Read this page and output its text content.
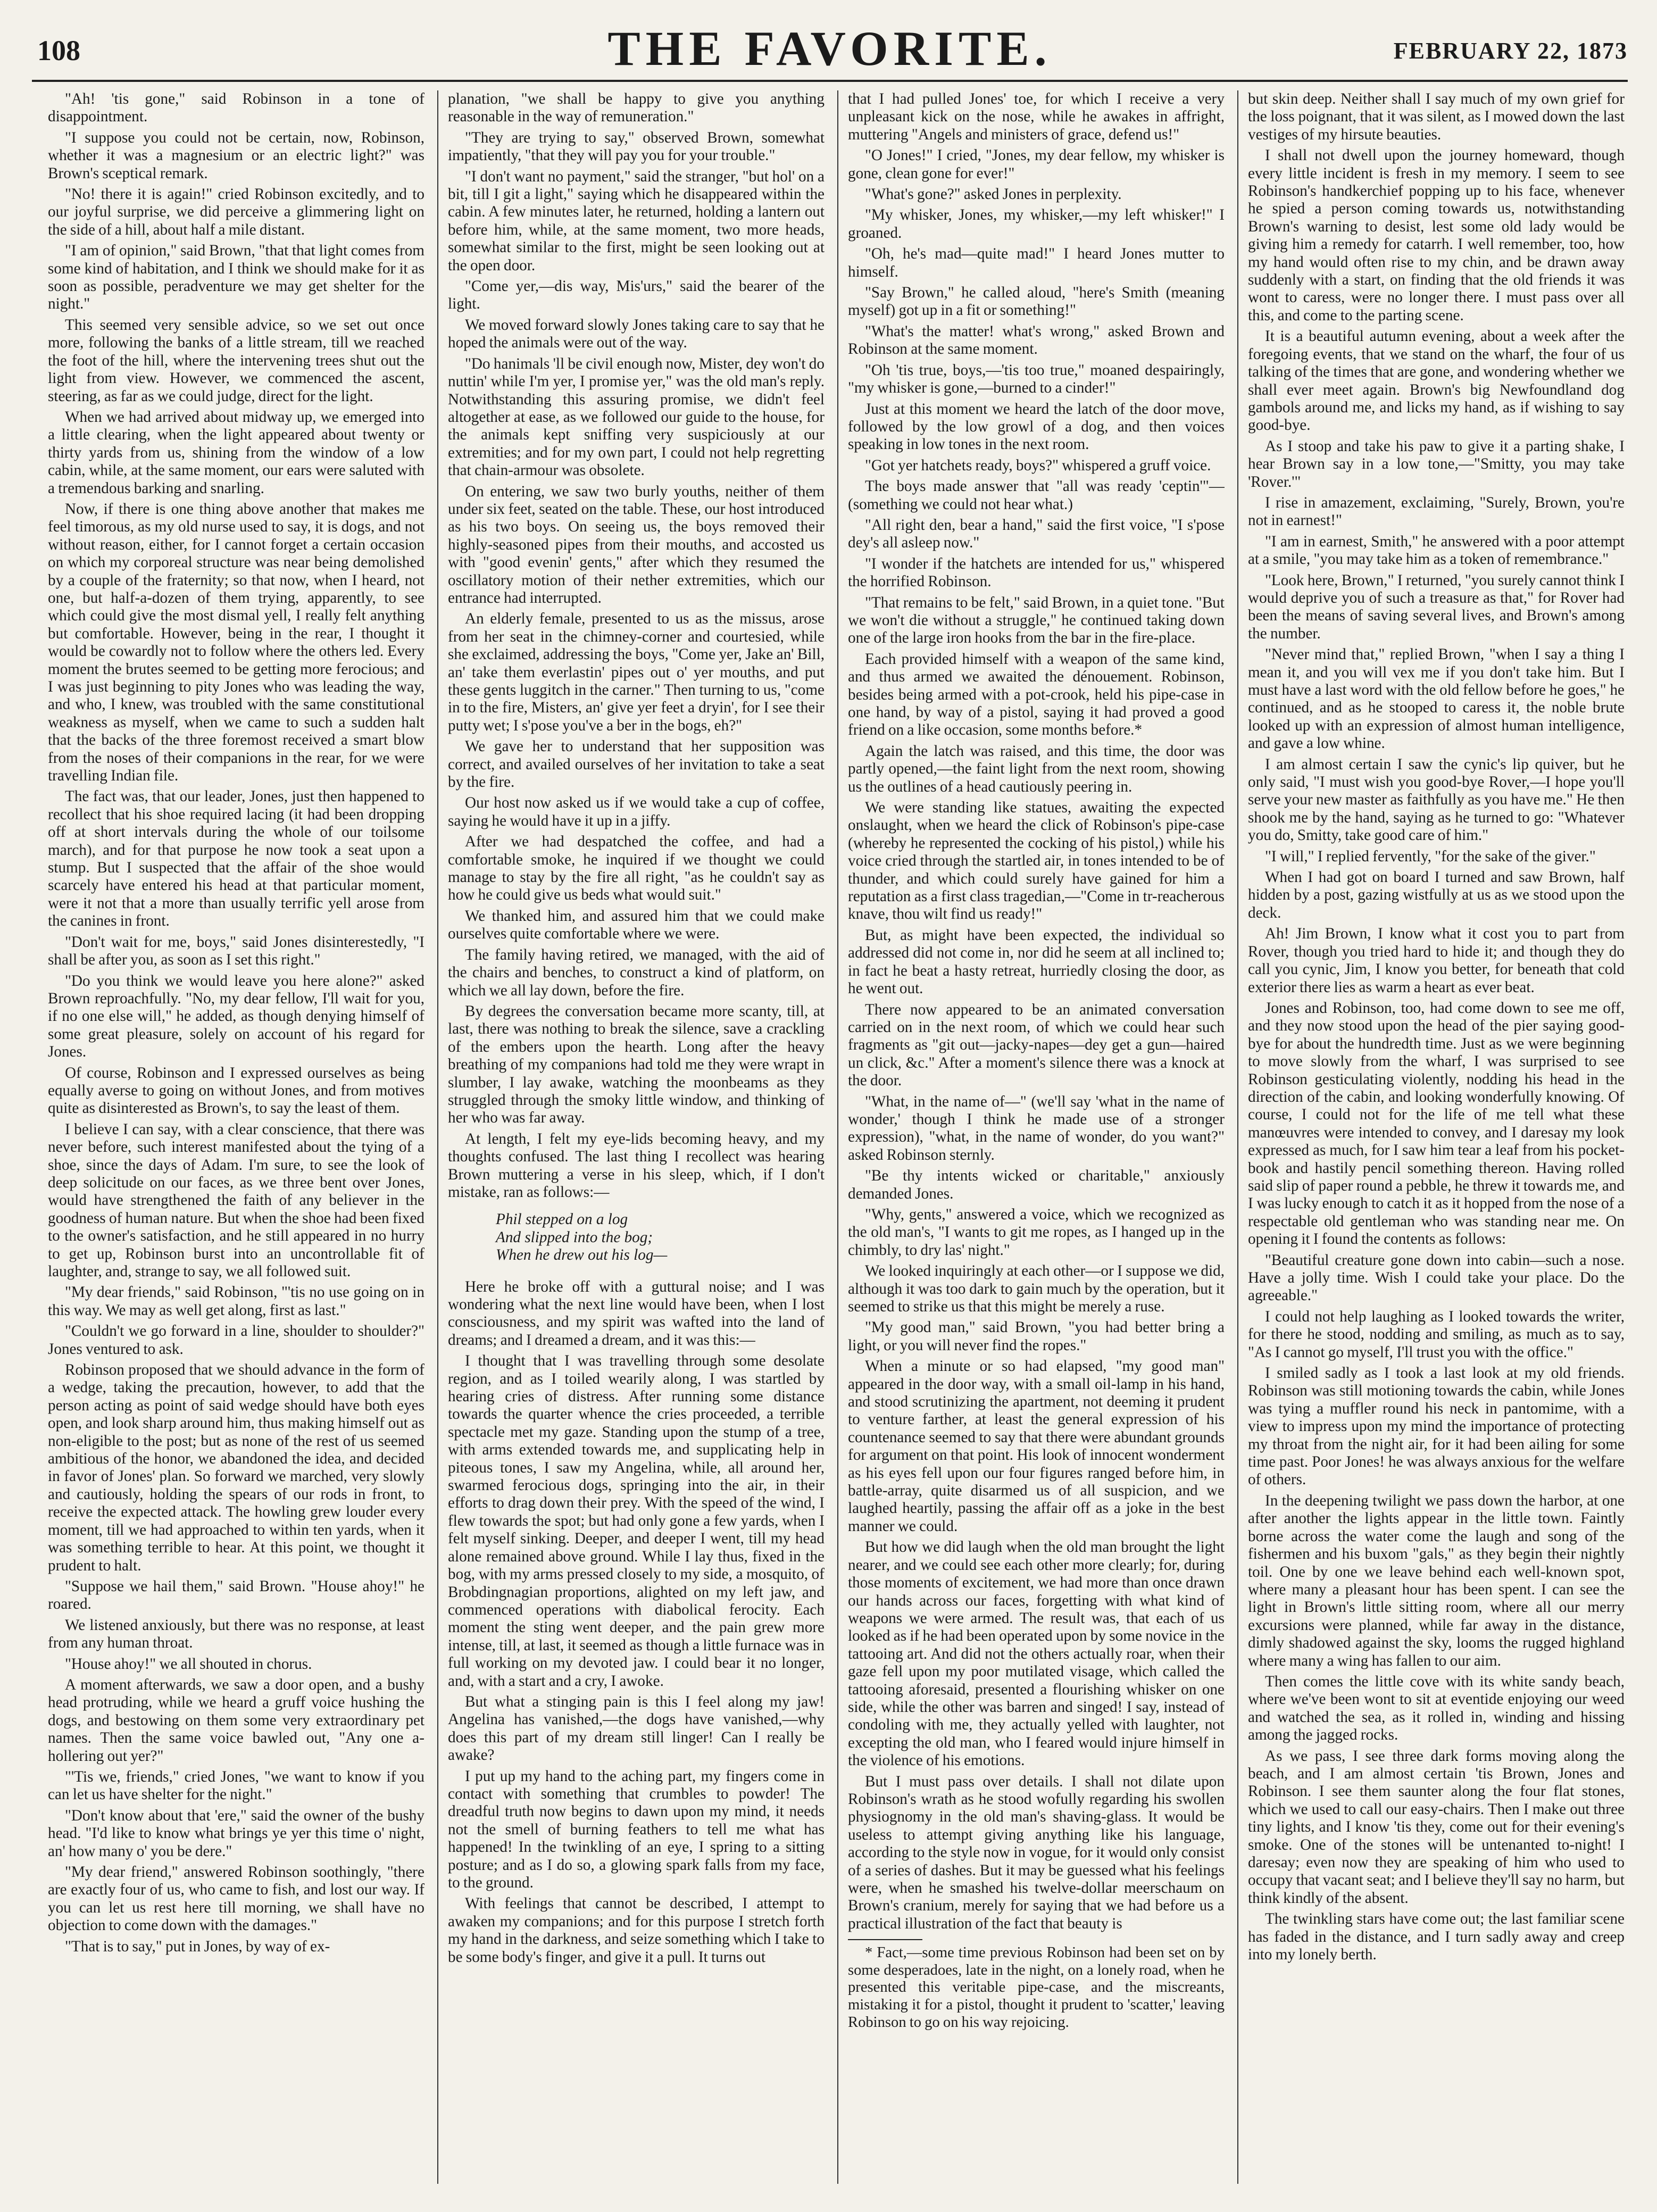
108	THE FAVORITE.	FEBRUARY 22, 1873

"Ah! 'tis gone," said Robinson in a tone of disappointment.

"I suppose you could not be certain, now, Robinson, whether it was a magnesium or an electric light?" was Brown's sceptical remark.

"No! there it is again!" cried Robinson excitedly, and to our joyful surprise, we did perceive a glimmering light on the side of a hill, about half a mile distant.

"I am of opinion," said Brown, "that that light comes from some kind of habitation, and I think we should make for it as soon as possible, peradventure we may get shelter for the night."

This seemed very sensible advice, so we set out once more, following the banks of a little stream, till we reached the foot of the hill, where the intervening trees shut out the light from view. However, we commenced the ascent, steering, as far as we could judge, direct for the light.

When we had arrived about midway up, we emerged into a little clearing, when the light appeared about twenty or thirty yards from us, shining from the window of a low cabin, while, at the same moment, our ears were saluted with a tremendous barking and snarling.

Now, if there is one thing above another that makes me feel timorous, as my old nurse used to say, it is dogs, and not without reason, either, for I cannot forget a certain occasion on which my corporeal structure was near being demolished by a couple of the fraternity; so that now, when I heard, not one, but half-a-dozen of them trying, apparently, to see which could give the most dismal yell, I really felt anything but comfortable. However, being in the rear, I thought it would be cowardly not to follow where the others led. Every moment the brutes seemed to be getting more ferocious; and I was just beginning to pity Jones who was leading the way, and who, I knew, was troubled with the same constitutional weakness as myself, when we came to such a sudden halt that the backs of the three foremost received a smart blow from the noses of their companions in the rear, for we were travelling Indian file.

The fact was, that our leader, Jones, just then happened to recollect that his shoe required lacing (it had been dropping off at short intervals during the whole of our toilsome march), and for that purpose he now took a seat upon a stump. But I suspected that the affair of the shoe would scarcely have entered his head at that particular moment, were it not that a more than usually terrific yell arose from the canines in front.

"Don't wait for me, boys," said Jones disinterestedly, "I shall be after you, as soon as I set this right."

"Do you think we would leave you here alone?" asked Brown reproachfully. "No, my dear fellow, I'll wait for you, if no one else will," he added, as though denying himself of some great pleasure, solely on account of his regard for Jones.

Of course, Robinson and I expressed ourselves as being equally averse to going on without Jones, and from motives quite as disinterested as Brown's, to say the least of them.

I believe I can say, with a clear conscience, that there was never before, such interest manifested about the tying of a shoe, since the days of Adam. I'm sure, to see the look of deep solicitude on our faces, as we three bent over Jones, would have strengthened the faith of any believer in the goodness of human nature. But when the shoe had been fixed to the owner's satisfaction, and he still appeared in no hurry to get up, Robinson burst into an uncontrollable fit of laughter, and, strange to say, we all followed suit.

"My dear friends," said Robinson, "'tis no use going on in this way. We may as well get along, first as last."

"Couldn't we go forward in a line, shoulder to shoulder?" Jones ventured to ask.

Robinson proposed that we should advance in the form of a wedge, taking the precaution, however, to add that the person acting as point of said wedge should have both eyes open, and look sharp around him, thus making himself out as non-eligible to the post; but as none of the rest of us seemed ambitious of the honor, we abandoned the idea, and decided in favor of Jones' plan. So forward we marched, very slowly and cautiously, holding the spears of our rods in front, to receive the expected attack. The howling grew louder every moment, till we had approached to within ten yards, when it was something terrible to hear. At this point, we thought it prudent to halt.

"Suppose we hail them," said Brown. "House ahoy!" he roared.

We listened anxiously, but there was no response, at least from any human throat.

"House ahoy!" we all shouted in chorus.

A moment afterwards, we saw a door open, and a bushy head protruding, while we heard a gruff voice hushing the dogs, and bestowing on them some very extraordinary pet names. Then the same voice bawled out, "Any one a-hollering out yer?"

"'Tis we, friends," cried Jones, "we want to know if you can let us have shelter for the night."

"Don't know about that 'ere," said the owner of the bushy head. "I'd like to know what brings ye yer this time o' night, an' how many o' you be dere."

"My dear friend," answered Robinson soothingly, "there are exactly four of us, who came to fish, and lost our way. If you can let us rest here till morning, we shall have no objection to come down with the damages."

"That is to say," put in Jones, by way of ex-

planation, "we shall be happy to give you anything reasonable in the way of remuneration."

"They are trying to say," observed Brown, somewhat impatiently, "that they will pay you for your trouble."

"I don't want no payment," said the stranger, "but hol' on a bit, till I git a light," saying which he disappeared within the cabin. A few minutes later, he returned, holding a lantern out before him, while, at the same moment, two more heads, somewhat similar to the first, might be seen looking out at the open door.

"Come yer,—dis way, Mis'urs," said the bearer of the light.

We moved forward slowly Jones taking care to say that he hoped the animals were out of the way.

"Do hanimals 'll be civil enough now, Mister, dey won't do nuttin' while I'm yer, I promise yer," was the old man's reply. Notwithstanding this assuring promise, we didn't feel altogether at ease, as we followed our guide to the house, for the animals kept sniffing very suspiciously at our extremities; and for my own part, I could not help regretting that chain-armour was obsolete.

On entering, we saw two burly youths, neither of them under six feet, seated on the table. These, our host introduced as his two boys. On seeing us, the boys removed their highly-seasoned pipes from their mouths, and accosted us with "good evenin' gents," after which they resumed the oscillatory motion of their nether extremities, which our entrance had interrupted.

An elderly female, presented to us as the missus, arose from her seat in the chimney-corner and courtesied, while she exclaimed, addressing the boys, "Come yer, Jake an' Bill, an' take them everlastin' pipes out o' yer mouths, and put these gents luggitch in the carner." Then turning to us, "come in to the fire, Misters, an' give yer feet a dryin', for I see their putty wet; I s'pose you've a ber in the bogs, eh?"

We gave her to understand that her supposition was correct, and availed ourselves of her invitation to take a seat by the fire.

Our host now asked us if we would take a cup of coffee, saying he would have it up in a jiffy.

After we had despatched the coffee, and had a comfortable smoke, he inquired if we thought we could manage to stay by the fire all right, "as he couldn't say as how he could give us beds what would suit."

We thanked him, and assured him that we could make ourselves quite comfortable where we were.

The family having retired, we managed, with the aid of the chairs and benches, to construct a kind of platform, on which we all lay down, before the fire.

By degrees the conversation became more scanty, till, at last, there was nothing to break the silence, save a crackling of the embers upon the hearth. Long after the heavy breathing of my companions had told me they were wrapt in slumber, I lay awake, watching the moonbeams as they struggled through the smoky little window, and thinking of her who was far away.

At length, I felt my eye-lids becoming heavy, and my thoughts confused. The last thing I recollect was hearing Brown muttering a verse in his sleep, which, if I don't mistake, ran as follows:—

Phil stepped on a log
And slipped into the bog;
When he drew out his log—

Here he broke off with a guttural noise; and I was wondering what the next line would have been, when I lost consciousness, and my spirit was wafted into the land of dreams; and I dreamed a dream, and it was this:—

I thought that I was travelling through some desolate region, and as I toiled wearily along, I was startled by hearing cries of distress. After running some distance towards the quarter whence the cries proceeded, a terrible spectacle met my gaze. Standing upon the stump of a tree, with arms extended towards me, and supplicating help in piteous tones, I saw my Angelina, while, all around her, swarmed ferocious dogs, springing into the air, in their efforts to drag down their prey. With the speed of the wind, I flew towards the spot; but had only gone a few yards, when I felt myself sinking. Deeper, and deeper I went, till my head alone remained above ground. While I lay thus, fixed in the bog, with my arms pressed closely to my side, a mosquito, of Brobdingnagian proportions, alighted on my left jaw, and commenced operations with diabolical ferocity. Each moment the sting went deeper, and the pain grew more intense, till, at last, it seemed as though a little furnace was in full working on my devoted jaw. I could bear it no longer, and, with a start and a cry, I awoke.

But what a stinging pain is this I feel along my jaw! Angelina has vanished,—the dogs have vanished,—why does this part of my dream still linger! Can I really be awake?

I put up my hand to the aching part, my fingers come in contact with something that crumbles to powder! The dreadful truth now begins to dawn upon my mind, it needs not the smell of burning feathers to tell me what has happened! In the twinkling of an eye, I spring to a sitting posture; and as I do so, a glowing spark falls from my face, to the ground.

With feelings that cannot be described, I attempt to awaken my companions; and for this purpose I stretch forth my hand in the darkness, and seize something which I take to be some body's finger, and give it a pull. It turns out

that I had pulled Jones' toe, for which I receive a very unpleasant kick on the nose, while he awakes in affright, muttering "Angels and ministers of grace, defend us!"

"O Jones!" I cried, "Jones, my dear fellow, my whisker is gone, clean gone for ever!"

"What's gone?" asked Jones in perplexity.

"My whisker, Jones, my whisker,—my left whisker!" I groaned.

"Oh, he's mad—quite mad!" I heard Jones mutter to himself.

"Say Brown," he called aloud, "here's Smith (meaning myself) got up in a fit or something!"

"What's the matter! what's wrong," asked Brown and Robinson at the same moment.

"Oh 'tis true, boys,—'tis too true," moaned despairingly, "my whisker is gone,—burned to a cinder!"

Just at this moment we heard the latch of the door move, followed by the low growl of a dog, and then voices speaking in low tones in the next room.

"Got yer hatchets ready, boys?" whispered a gruff voice.

The boys made answer that "all was ready 'ceptin'"—(something we could not hear what.)

"All right den, bear a hand," said the first voice, "I s'pose dey's all asleep now."

"I wonder if the hatchets are intended for us," whispered the horrified Robinson.

"That remains to be felt," said Brown, in a quiet tone. "But we won't die without a struggle," he continued taking down one of the large iron hooks from the bar in the fire-place.

Each provided himself with a weapon of the same kind, and thus armed we awaited the dénouement. Robinson, besides being armed with a pot-crook, held his pipe-case in one hand, by way of a pistol, saying it had proved a good friend on a like occasion, some months before.*

Again the latch was raised, and this time, the door was partly opened,—the faint light from the next room, showing us the outlines of a head cautiously peering in.

We were standing like statues, awaiting the expected onslaught, when we heard the click of Robinson's pipe-case (whereby he represented the cocking of his pistol,) while his voice cried through the startled air, in tones intended to be of thunder, and which could surely have gained for him a reputation as a first class tragedian,—"Come in tr-reacherous knave, thou wilt find us ready!"

But, as might have been expected, the individual so addressed did not come in, nor did he seem at all inclined to; in fact he beat a hasty retreat, hurriedly closing the door, as he went out.

There now appeared to be an animated conversation carried on in the next room, of which we could hear such fragments as "git out—jacky-napes—dey get a gun—haired un click, &c." After a moment's silence there was a knock at the door.

"What, in the name of—" (we'll say 'what in the name of wonder,' though I think he made use of a stronger expression), "what, in the name of wonder, do you want?" asked Robinson sternly.

"Be thy intents wicked or charitable," anxiously demanded Jones.

"Why, gents," answered a voice, which we recognized as the old man's, "I wants to git me ropes, as I hanged up in the chimbly, to dry las' night."

We looked inquiringly at each other—or I suppose we did, although it was too dark to gain much by the operation, but it seemed to strike us that this might be merely a ruse.

"My good man," said Brown, "you had better bring a light, or you will never find the ropes."

When a minute or so had elapsed, "my good man" appeared in the door way, with a small oil-lamp in his hand, and stood scrutinizing the apartment, not deeming it prudent to venture farther, at least the general expression of his countenance seemed to say that there were abundant grounds for argument on that point. His look of innocent wonderment as his eyes fell upon our four figures ranged before him, in battle-array, quite disarmed us of all suspicion, and we laughed heartily, passing the affair off as a joke in the best manner we could.

But how we did laugh when the old man brought the light nearer, and we could see each other more clearly; for, during those moments of excitement, we had more than once drawn our hands across our faces, forgetting with what kind of weapons we were armed. The result was, that each of us looked as if he had been operated upon by some novice in the tattooing art. And did not the others actually roar, when their gaze fell upon my poor mutilated visage, which called the tattooing aforesaid, presented a flourishing whisker on one side, while the other was barren and singed! I say, instead of condoling with me, they actually yelled with laughter, not excepting the old man, who I feared would injure himself in the violence of his emotions.

But I must pass over details. I shall not dilate upon Robinson's wrath as he stood wofully regarding his swollen physiognomy in the old man's shaving-glass. It would be useless to attempt giving anything like his language, according to the style now in vogue, for it would only consist of a series of dashes. But it may be guessed what his feelings were, when he smashed his twelve-dollar meerschaum on Brown's cranium, merely for saying that we had before us a practical illustration of the fact that beauty is

* Fact,—some time previous Robinson had been set on by some desperadoes, late in the night, on a lonely road, when he presented this veritable pipe-case, and the miscreants, mistaking it for a pistol, thought it prudent to 'scatter,' leaving Robinson to go on his way rejoicing.

but skin deep. Neither shall I say much of my own grief for the loss poignant, that it was silent, as I mowed down the last vestiges of my hirsute beauties.

I shall not dwell upon the journey homeward, though every little incident is fresh in my memory. I seem to see Robinson's handkerchief popping up to his face, whenever he spied a person coming towards us, notwithstanding Brown's warning to desist, lest some old lady would be giving him a remedy for catarrh. I well remember, too, how my hand would often rise to my chin, and be drawn away suddenly with a start, on finding that the old friends it was wont to caress, were no longer there. I must pass over all this, and come to the parting scene.

It is a beautiful autumn evening, about a week after the foregoing events, that we stand on the wharf, the four of us talking of the times that are gone, and wondering whether we shall ever meet again. Brown's big Newfoundland dog gambols around me, and licks my hand, as if wishing to say good-bye.

As I stoop and take his paw to give it a parting shake, I hear Brown say in a low tone,—"Smitty, you may take 'Rover.'"

I rise in amazement, exclaiming, "Surely, Brown, you're not in earnest!"

"I am in earnest, Smith," he answered with a poor attempt at a smile, "you may take him as a token of remembrance."

"Look here, Brown," I returned, "you surely cannot think I would deprive you of such a treasure as that," for Rover had been the means of saving several lives, and Brown's among the number.

"Never mind that," replied Brown, "when I say a thing I mean it, and you will vex me if you don't take him. But I must have a last word with the old fellow before he goes," he continued, and as he stooped to caress it, the noble brute looked up with an expression of almost human intelligence, and gave a low whine.

I am almost certain I saw the cynic's lip quiver, but he only said, "I must wish you good-bye Rover,—I hope you'll serve your new master as faithfully as you have me." He then shook me by the hand, saying as he turned to go: "Whatever you do, Smitty, take good care of him."

"I will," I replied fervently, "for the sake of the giver."

When I had got on board I turned and saw Brown, half hidden by a post, gazing wistfully at us as we stood upon the deck.

Ah! Jim Brown, I know what it cost you to part from Rover, though you tried hard to hide it; and though they do call you cynic, Jim, I know you better, for beneath that cold exterior there lies as warm a heart as ever beat.

Jones and Robinson, too, had come down to see me off, and they now stood upon the head of the pier saying good-bye for about the hundredth time. Just as we were beginning to move slowly from the wharf, I was surprised to see Robinson gesticulating violently, nodding his head in the direction of the cabin, and looking wonderfully knowing. Of course, I could not for the life of me tell what these manœuvres were intended to convey, and I daresay my look expressed as much, for I saw him tear a leaf from his pocket-book and hastily pencil something thereon. Having rolled said slip of paper round a pebble, he threw it towards me, and I was lucky enough to catch it as it hopped from the nose of a respectable old gentleman who was standing near me. On opening it I found the contents as follows:

"Beautiful creature gone down into cabin—such a nose. Have a jolly time. Wish I could take your place. Do the agreeable."

I could not help laughing as I looked towards the writer, for there he stood, nodding and smiling, as much as to say, "As I cannot go myself, I'll trust you with the office."

I smiled sadly as I took a last look at my old friends. Robinson was still motioning towards the cabin, while Jones was tying a muffler round his neck in pantomime, with a view to impress upon my mind the importance of protecting my throat from the night air, for it had been ailing for some time past. Poor Jones! he was always anxious for the welfare of others.

In the deepening twilight we pass down the harbor, at one after another the lights appear in the little town. Faintly borne across the water come the laugh and song of the fishermen and his buxom "gals," as they begin their nightly toil. One by one we leave behind each well-known spot, where many a pleasant hour has been spent. I can see the light in Brown's little sitting room, where all our merry excursions were planned, while far away in the distance, dimly shadowed against the sky, looms the rugged highland where many a wing has fallen to our aim.

Then comes the little cove with its white sandy beach, where we've been wont to sit at eventide enjoying our weed and watched the sea, as it rolled in, winding and hissing among the jagged rocks.

As we pass, I see three dark forms moving along the beach, and I am almost certain 'tis Brown, Jones and Robinson. I see them saunter along the four flat stones, which we used to call our easy-chairs. Then I make out three tiny lights, and I know 'tis they, come out for their evening's smoke. One of the stones will be untenanted to-night! I daresay; even now they are speaking of him who used to occupy that vacant seat; and I believe they'll say no harm, but think kindly of the absent.

The twinkling stars have come out; the last familiar scene has faded in the distance, and I turn sadly away and creep into my lonely berth.
